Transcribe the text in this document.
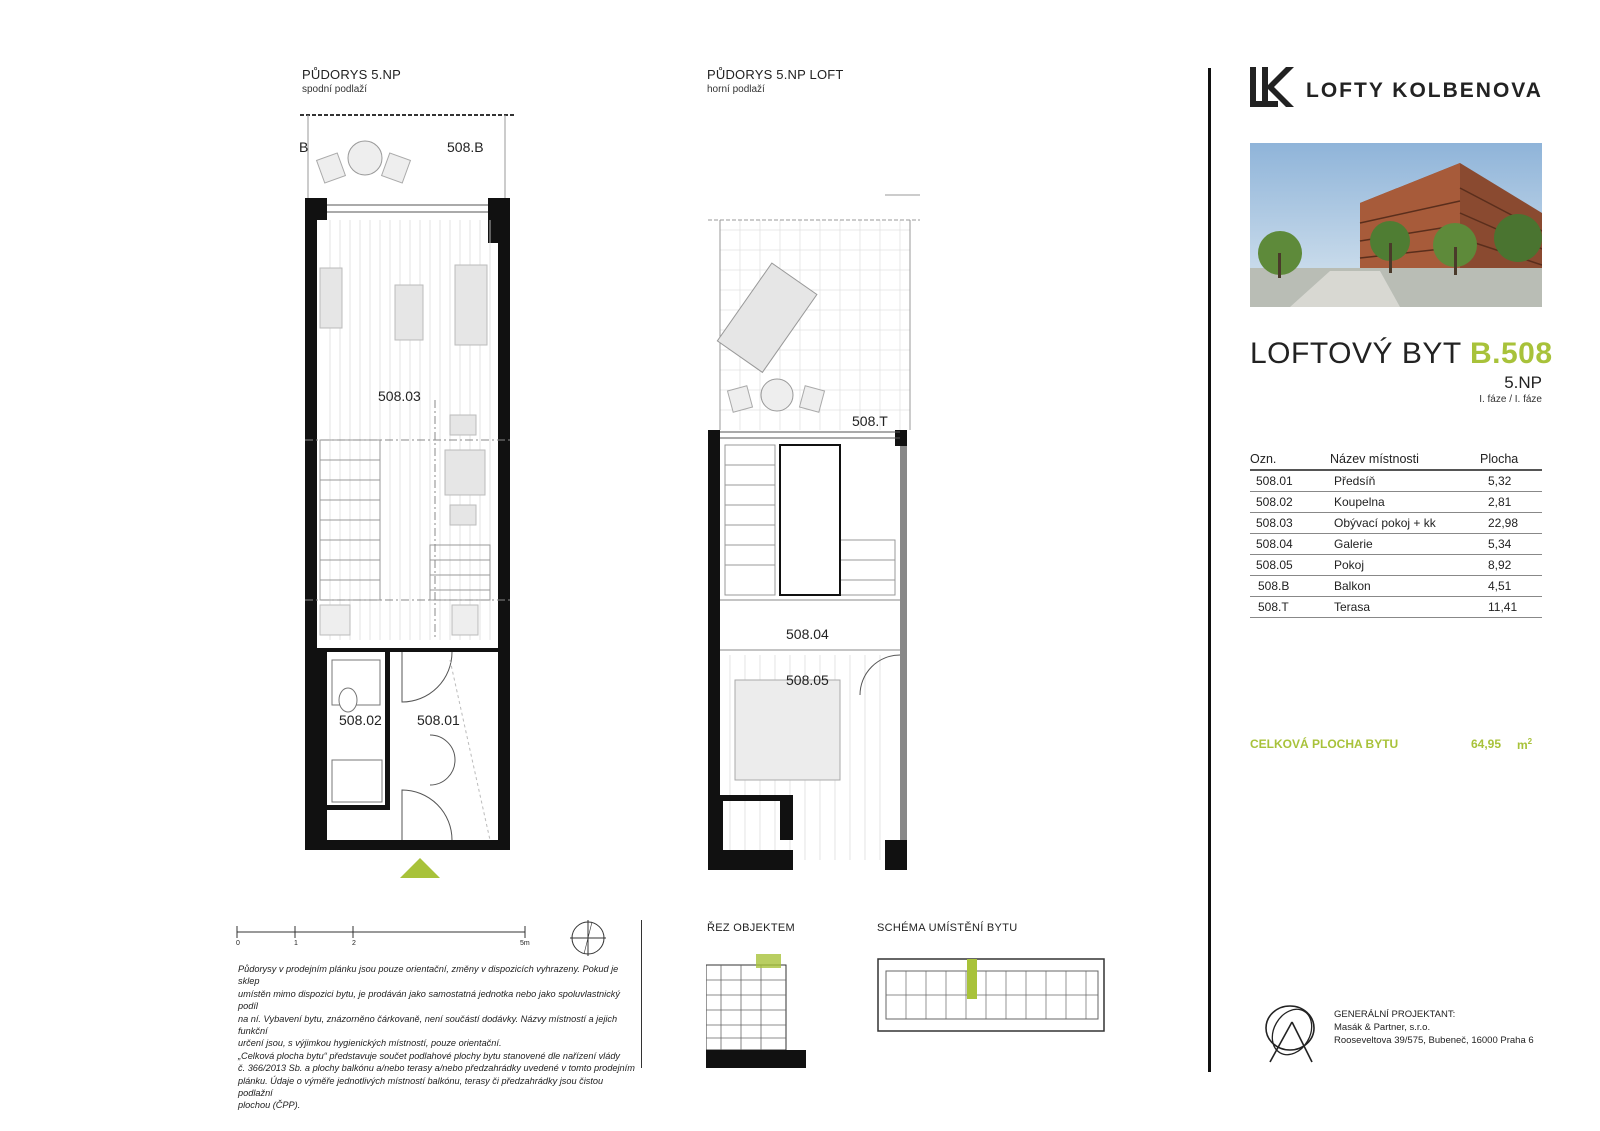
PŮDORYS 5.NP
spodní podlaží
508.B
B
508.03
508.02	508.01
PŮDORYS 5.NP LOFT
horní podlaží
508.T
508.04
508.05
0	1	2	5m
Půdorysy v prodejním plánku jsou pouze orientační, změny v dispozicích vyhrazeny. Pokud je sklep
umístěn mimo dispozici bytu, je prodáván jako samostatná jednotka nebo jako spoluvlastnický podíl
na ní. Vybavení bytu, znázorněno čárkovaně, není součástí dodávky. Názvy místností a jejich funkční
určení jsou, s výjimkou hygienických místností, pouze orientační.
„Celková plocha bytu“ představuje součet podlahové plochy bytu stanovené dle nařízení vlády
č. 366/2013 Sb. a plochy balkónu a/nebo terasy a/nebo předzahrádky uvedené v tomto prodejním
plánku. Údaje o výměře jednotlivých místností balkónu, terasy či předzahrádky jsou čistou podlažní
plochou (ČPP).
ŘEZ OBJEKTEM	SCHÉMA UMÍSTĚNÍ BYTU
LOFTY KOLBENOVA
LOFTOVÝ BYT B.508
5.NP
I. fáze / I. fáze
Ozn.	Název místnosti	Plocha
508.01	Předsíň	5,32
508.02	Koupelna	2,81
508.03	Obývací pokoj + kk	22,98
508.04	Galerie	5,34
508.05	Pokoj	8,92
508.B	Balkon	4,51
508.T	Terasa	11,41
CELKOVÁ PLOCHA BYTU	64,95 $m^2$
GENERÁLNÍ PROJEKTANT:
Masák & Partner, s.r.o.
Rooseveltova 39/575, Bubeneč, 16000 Praha 6
